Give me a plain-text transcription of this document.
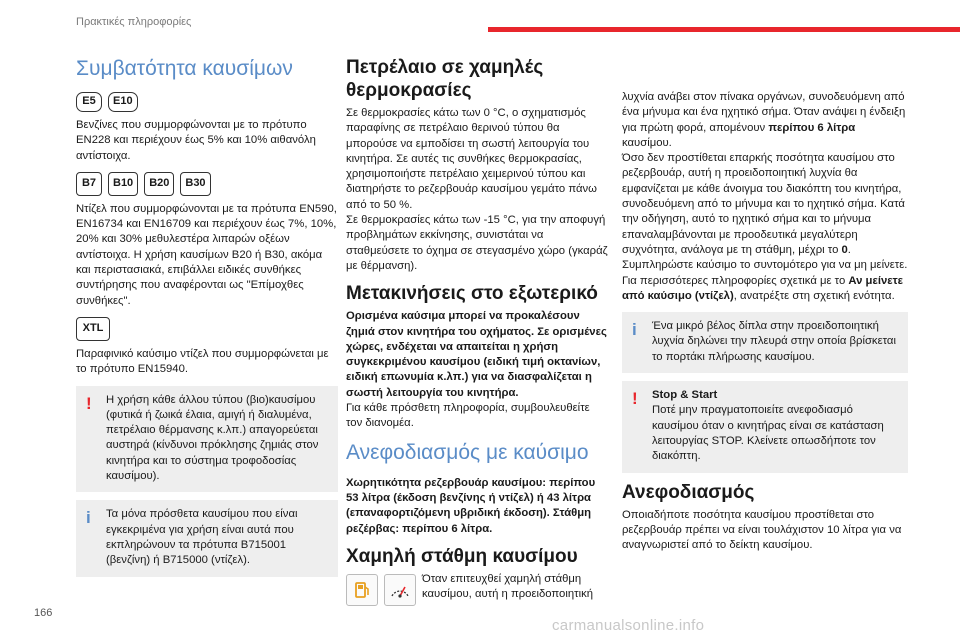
Πρακτικές πληροφορίες
Συμβατότητα καυσίμων
E5	E10

Βενζίνες που συμμορφώνονται με το πρότυπο EN228 και περιέχουν έως 5% και 10% αιθανόλη αντίστοιχα.

B7	B10	B20	B30

Ντίζελ που συμμορφώνονται με τα πρότυπα EN590, EN16734 και EN16709 και περιέχουν έως 7%, 10%, 20% και 30% μεθυλεστέρα λιπαρών οξέων αντίστοιχα. Η χρήση καυσίμων B20 ή B30, ακόμα και περιστασιακά, επιβάλλει ειδικές συνθήκες συντήρησης που αναφέρονται ως "Επίμοχθες συνθήκες".

XTL

Παραφινικό καύσιμο ντίζελ που συμμορφώνεται με το πρότυπο EN15940.

!	Η χρήση κάθε άλλου τύπου (βιο)καυσίμου (φυτικά ή ζωικά έλαια, αμιγή ή διαλυμένα, πετρέλαιο θέρμανσης κ.λπ.) απαγορεύεται αυστηρά (κίνδυνοι πρόκλησης ζημιάς στον κινητήρα και το σύστημα τροφοδοσίας καυσίμου).

i	Τα μόνα πρόσθετα καυσίμου που είναι εγκεκριμένα για χρήση είναι αυτά που εκπληρώνουν τα πρότυπα B715001 (βενζίνη) ή B715000 (ντίζελ).

Πετρέλαιο σε χαμηλές θερμοκρασίες

Σε θερμοκρασίες κάτω των 0 °C, ο σχηματισμός παραφίνης σε πετρέλαιο θερινού τύπου θα μπορούσε να εμποδίσει τη σωστή λειτουργία του κινητήρα. Σε αυτές τις συνθήκες θερμοκρασίας, χρησιμοποιήστε πετρέλαιο χειμερινού τύπου και διατηρήστε το ρεζερβουάρ καυσίμου γεμάτο πάνω από το 50 %.

Σε θερμοκρασίες κάτω των -15 °C, για την αποφυγή προβλημάτων εκκίνησης, συνιστάται να σταθμεύσετε το όχημα σε στεγασμένο χώρο (γκαράζ με θέρμανση).

Μετακινήσεις στο εξωτερικό

Ορισμένα καύσιμα μπορεί να προκαλέσουν ζημιά στον κινητήρα του οχήματος. Σε ορισμένες χώρες, ενδέχεται να απαιτείται η χρήση συγκεκριμένου καυσίμου (ειδική τιμή οκτανίων, ειδική επωνυμία κ.λπ.) για να διασφαλίζεται η σωστή λειτουργία του κινητήρα.

Για κάθε πρόσθετη πληροφορία, συμβουλευθείτε τον διανομέα.

Ανεφοδιασμός με καύσιμο

Χωρητικότητα ρεζερβουάρ καυσίμου: περίπου 53 λίτρα (έκδοση βενζίνης ή ντίζελ) ή 43 λίτρα (επαναφορτιζόμενη υβριδική έκδοση). Στάθμη ρεζέρβας: περίπου 6 λίτρα.

Χαμηλή στάθμη καυσίμου

Όταν επιτευχθεί χαμηλή στάθμη καυσίμου, αυτή η προειδοποιητική

λυχνία ανάβει στον πίνακα οργάνων, συνοδευόμενη από ένα μήνυμα και ένα ηχητικό σήμα. Όταν ανάψει η ένδειξη για πρώτη φορά, απομένουν περίπου 6 λίτρα καυσίμου.

Όσο δεν προστίθεται επαρκής ποσότητα καυσίμου στο ρεζερβουάρ, αυτή η προειδοποιητική λυχνία θα εμφανίζεται με κάθε άνοιγμα του διακόπτη του κινητήρα, συνοδευόμενη από το μήνυμα και το ηχητικό σήμα. Κατά την οδήγηση, αυτό το ηχητικό σήμα και το μήνυμα επαναλαμβάνονται με προοδευτικά μεγαλύτερη συχνότητα, ανάλογα με τη στάθμη, μέχρι το 0.

Συμπληρώστε καύσιμο το συντομότερο για να μη μείνετε.

Για περισσότερες πληροφορίες σχετικά με το Αν μείνετε από καύσιμο (ντίζελ), ανατρέξτε στη σχετική ενότητα.

i	Ένα μικρό βέλος δίπλα στην προειδοποιητική λυχνία δηλώνει την πλευρά στην οποία βρίσκεται το πορτάκι πλήρωσης καυσίμου.

!	Stop & Start

Ποτέ μην πραγματοποιείτε ανεφοδιασμό καυσίμου όταν ο κινητήρας είναι σε κατάσταση λειτουργίας STOP. Κλείνετε οπωσδήποτε τον διακόπτη.

Ανεφοδιασμός

Οποιαδήποτε ποσότητα καυσίμου προστίθεται στο ρεζερβουάρ πρέπει να είναι τουλάχιστον 10 λίτρα για να αναγνωριστεί από το δείκτη καυσίμου.

166
carmanualsonline.info
